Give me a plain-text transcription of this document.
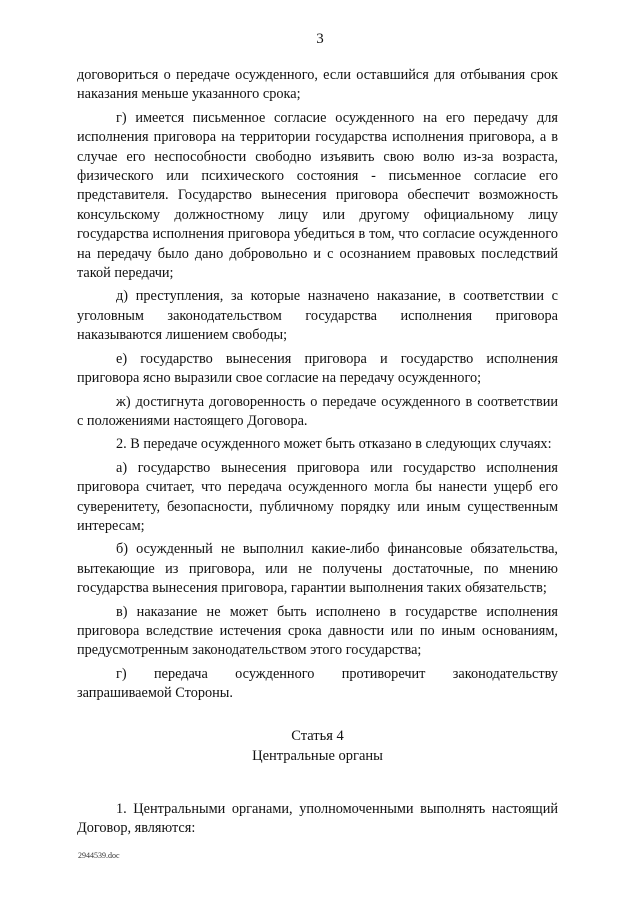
3

договориться о передаче осужденного, если оставшийся для отбывания срок наказания меньше указанного срока;

г) имеется письменное согласие осужденного на его передачу для исполнения приговора на территории государства исполнения приговора, а в случае его неспособности свободно изъявить свою волю из-за возраста, физического или психического состояния - письменное согласие его представителя. Государство вынесения приговора обеспечит возможность консульскому должностному лицу или другому официальному лицу государства исполнения приговора убедиться в том, что согласие осужденного на передачу было дано добровольно и с осознанием правовых последствий такой передачи;

д) преступления, за которые назначено наказание, в соответствии с уголовным законодательством государства исполнения приговора наказываются лишением свободы;

е) государство вынесения приговора и государство исполнения приговора ясно выразили свое согласие на передачу осужденного;

ж) достигнута договоренность о передаче осужденного в соответствии с положениями настоящего Договора.

2. В передаче осужденного может быть отказано в следующих случаях:

а) государство вынесения приговора или государство исполнения приговора считает, что передача осужденного могла бы нанести ущерб его суверенитету, безопасности, публичному порядку или иным существенным интересам;

б) осужденный не выполнил какие-либо финансовые обязательства, вытекающие из приговора, или не получены достаточные, по мнению государства вынесения приговора, гарантии выполнения таких обязательств;

в) наказание не может быть исполнено в государстве исполнения приговора вследствие истечения срока давности или по иным основаниям, предусмотренным законодательством этого государства;

г) передача осужденного противоречит законодательству запрашиваемой Стороны.

Статья 4

Центральные органы

1. Центральными органами, уполномоченными выполнять настоящий Договор, являются:

2944539.doc
